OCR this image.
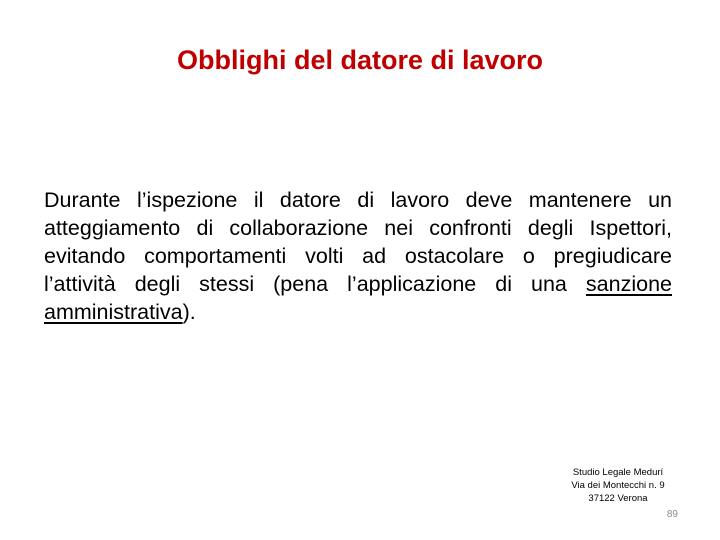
Obblighi del datore di lavoro
Durante l’ispezione il datore di lavoro deve mantenere un atteggiamento di collaborazione nei confronti degli Ispettori, evitando comportamenti volti ad ostacolare o pregiudicare l’attività degli stessi (pena l’applicazione di una sanzione amministrativa).
Studio Legale Medurí
Via dei Montecchi n. 9
37122 Verona
89
